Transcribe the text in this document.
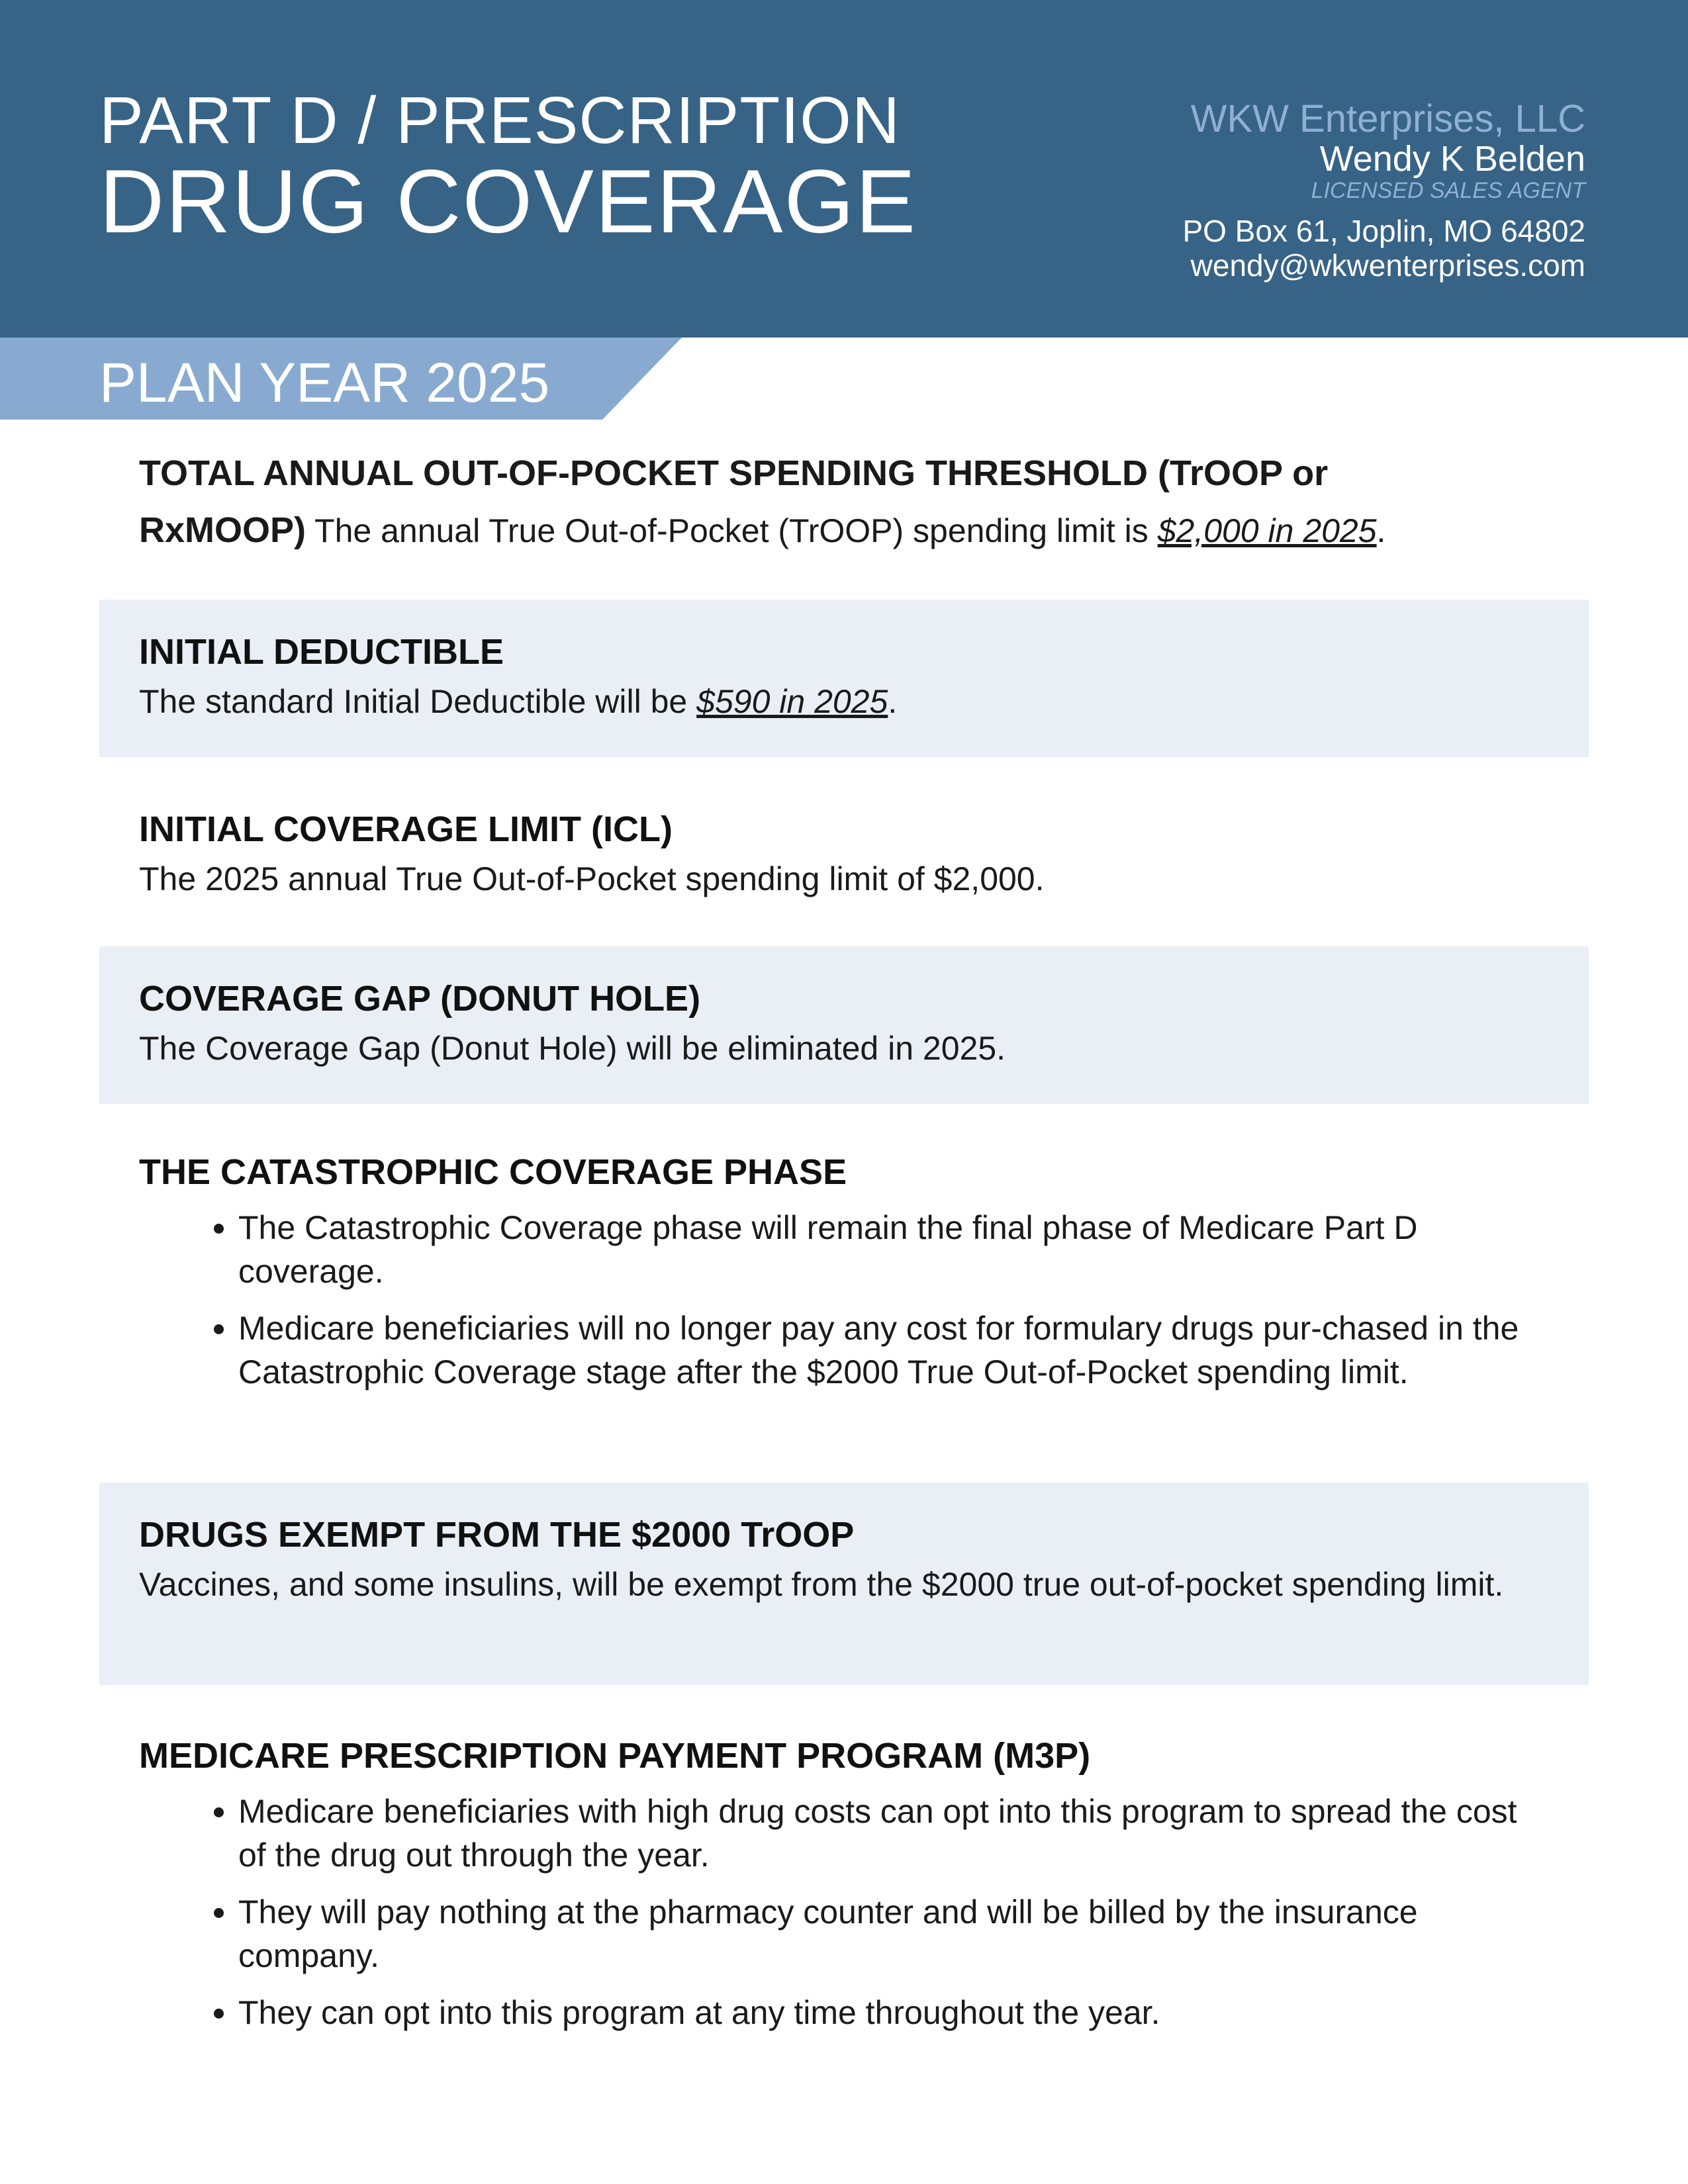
PART D / PRESCRIPTION
DRUG COVERAGE
WKW Enterprises, LLC
Wendy K Belden
LICENSED SALES AGENT
PO Box 61, Joplin, MO 64802
wendy@wkwenterprises.com
PLAN YEAR 2025
TOTAL ANNUAL OUT-OF-POCKET SPENDING THRESHOLD (TrOOP or
RxMOOP) The annual True Out-of-Pocket (TrOOP) spending limit is $2,000 in 2025.
INITIAL DEDUCTIBLE
The standard Initial Deductible will be $590 in 2025.
INITIAL COVERAGE LIMIT (ICL)
The 2025 annual True Out-of-Pocket spending limit of $2,000.
COVERAGE GAP (DONUT HOLE)
The Coverage Gap (Donut Hole) will be eliminated in 2025.
THE CATASTROPHIC COVERAGE PHASE
• The Catastrophic Coverage phase will remain the final phase of Medicare Part D coverage.
• Medicare beneficiaries will no longer pay any cost for formulary drugs pur-chased in the Catastrophic Coverage stage after the $2000 True Out-of-Pocket spending limit.
DRUGS EXEMPT FROM THE $2000 TrOOP
Vaccines, and some insulins, will be exempt from the $2000 true out-of-pocket spending limit.
MEDICARE PRESCRIPTION PAYMENT PROGRAM (M3P)
• Medicare beneficiaries with high drug costs can opt into this program to spread the cost of the drug out through the year.
• They will pay nothing at the pharmacy counter and will be billed by the insurance company.
• They can opt into this program at any time throughout the year.
